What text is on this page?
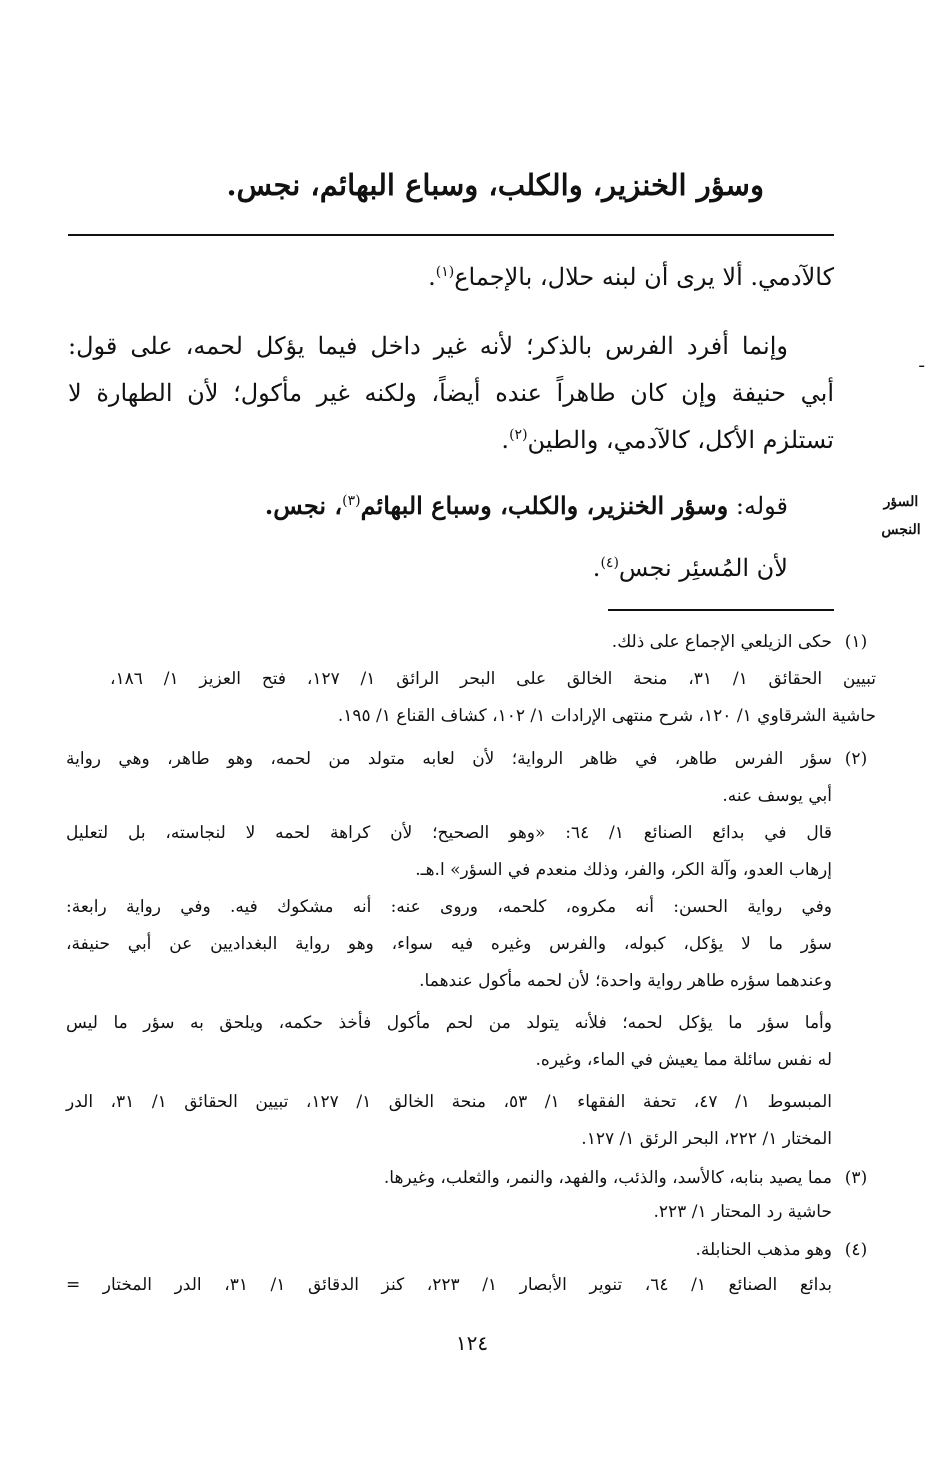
وسؤر الخنزير، والكلب، وسباع البهائم، نجس.
كالآدمي. ألا يرى أن لبنه حلال، بالإجماع$^{(١)}$.
وإنما أفرد الفرس بالذكر؛ لأنه غير داخل فيما يؤكل لحمه، على قول:
أبي حنيفة وإن كان طاهراً عنده أيضاً، ولكنه غير مأكول؛ لأن الطهارة لا
تستلزم الأكل، كالآدمي، والطين$^{(٢)}$.
قوله: وسؤر الخنزير، والكلب، وسباع البهائم$^{(٣)}$، نجس.
لأن المُسئِر نجس$^{(٤)}$.
ـ
السؤر
النجس
(١)
حكى الزيلعي الإجماع على ذلك.
تبيين الحقائق ١/ ٣١، منحة الخالق على البحر الرائق ١/ ١٢٧، فتح العزيز ١/ ١٨٦،
حاشية الشرقاوي ١/ ١٢٠، شرح منتهى الإرادات ١/ ١٠٢، كشاف القناع ١/ ١٩٥.
(٢)
سؤر الفرس طاهر، في ظاهر الرواية؛ لأن لعابه متولد من لحمه، وهو طاهر، وهي رواية
أبي يوسف عنه.
قال في بدائع الصنائع ١/ ٦٤: «وهو الصحيح؛ لأن كراهة لحمه لا لنجاسته، بل لتعليل
إرهاب العدو، وآلة الكر، والفر، وذلك منعدم في السؤر» ا.هـ.
وفي رواية الحسن: أنه مكروه، كلحمه، وروى عنه: أنه مشكوك فيه. وفي رواية رابعة:
سؤر ما لا يؤكل، كبوله، والفرس وغيره فيه سواء، وهو رواية البغداديين عن أبي حنيفة،
وعندهما سؤره طاهر رواية واحدة؛ لأن لحمه مأكول عندهما.
وأما سؤر ما يؤكل لحمه؛ فلأنه يتولد من لحم مأكول فأخذ حكمه، ويلحق به سؤر ما ليس
له نفس سائلة مما يعيش في الماء، وغيره.
المبسوط ١/ ٤٧، تحفة الفقهاء ١/ ٥٣، منحة الخالق ١/ ١٢٧، تبيين الحقائق ١/ ٣١، الدر
المختار ١/ ٢٢٢، البحر الرئق ١/ ١٢٧.
(٣)
مما يصيد بنابه، كالأسد، والذئب، والفهد، والنمر، والثعلب، وغيرها.
حاشية رد المحتار ١/ ٢٢٣.
(٤)
وهو مذهب الحنابلة.
بدائع الصنائع ١/ ٦٤، تنوير الأبصار ١/ ٢٢٣، كنز الدقائق ١/ ٣١، الدر المختار =
١٢٤
